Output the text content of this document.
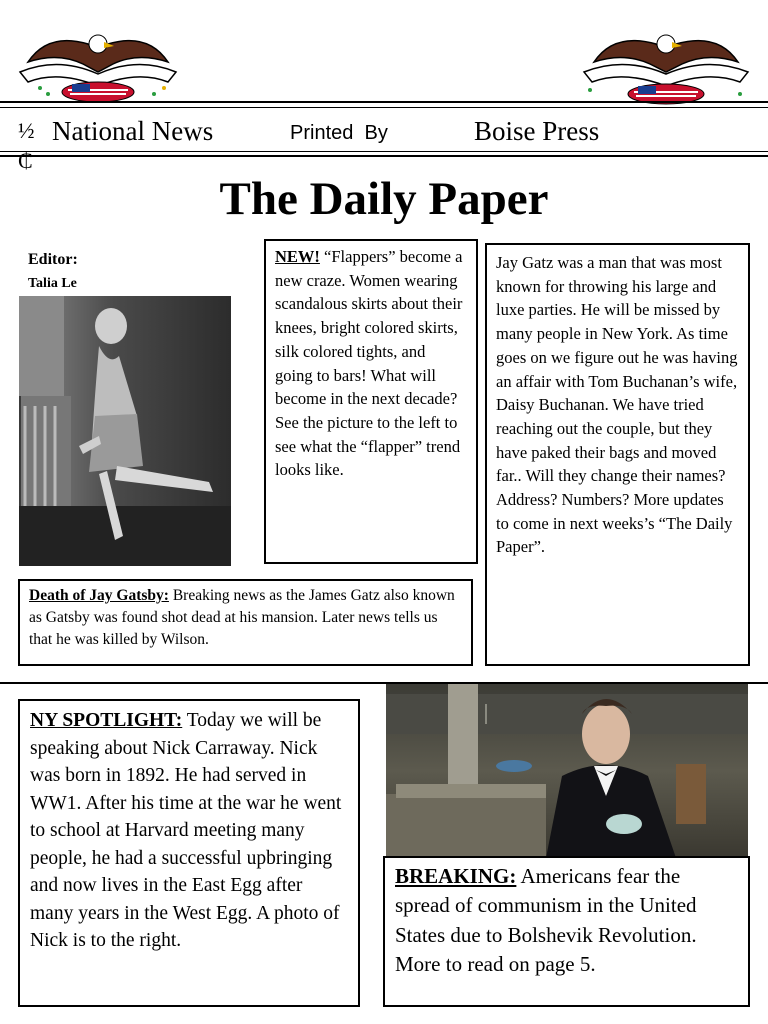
½
₵
National News	Printed  By	Boise Press
The Daily Paper
Editor:
Talia Le
NEW! “Flappers” become a new craze. Women wearing scandalous skirts about their knees, bright colored skirts, silk colored tights, and going to bars! What will become in the next decade? See the picture to the left to see what the “flapper” trend looks like.
Jay Gatz was a man that was most known for throwing his large and luxe parties. He will be missed by many people in New York. As time goes on we figure out he was having an affair with Tom Buchanan’s wife, Daisy Buchanan. We have tried reaching out the couple, but they have paked their bags and moved far.. Will they change their names? Address? Numbers? More updates to come in next weeks’s “The Daily Paper”.
Death of Jay Gatsby: Breaking news as the James Gatz also known as Gatsby was found shot dead at his mansion. Later news tells us that he was killed by Wilson.
NY SPOTLIGHT: Today we will be speaking about Nick Carraway. Nick was born in 1892. He had served in WW1. After his time at the war he went to school at Harvard meeting many people, he had a successful upbringing and now lives in the East Egg after many years in the West Egg. A photo of Nick is to the right.
BREAKING: Americans fear the spread of communism in the United States due to Bolshevik Revolution. More to read on page 5.
